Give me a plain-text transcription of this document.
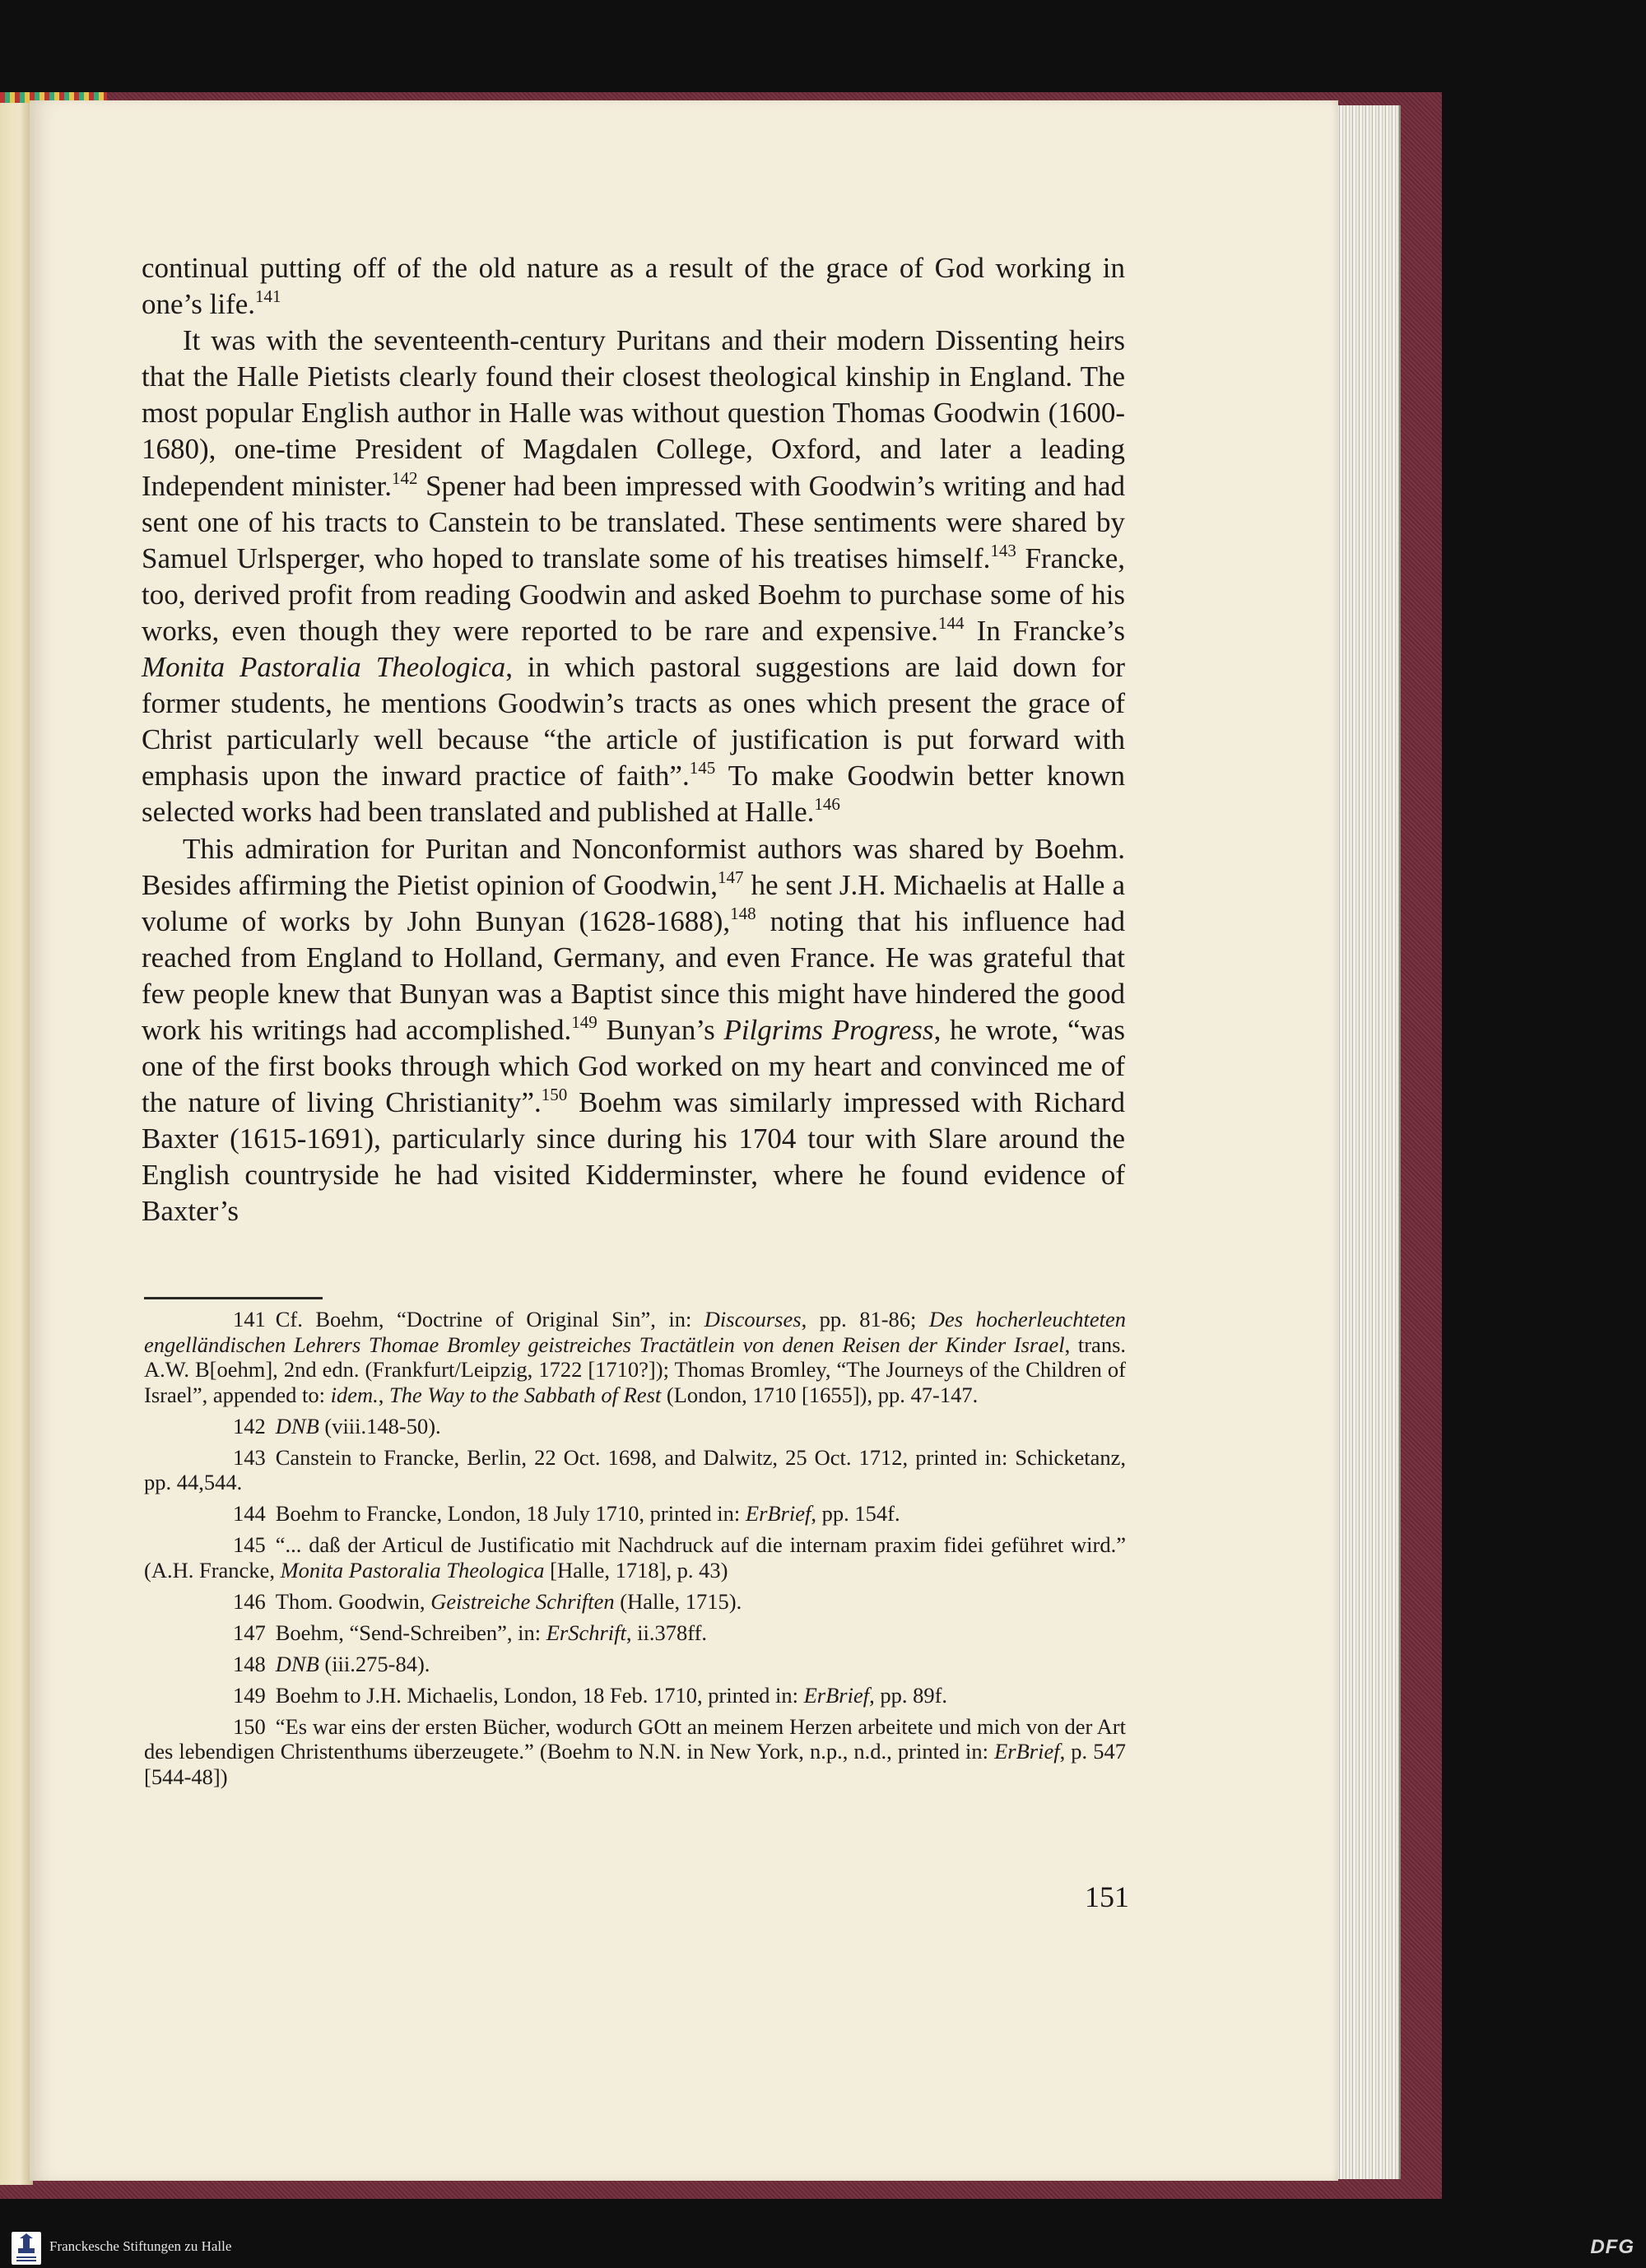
continual putting off of the old nature as a result of the grace of God working in one’s life.$^{141}$

It was with the seventeenth-century Puritans and their modern Dissenting heirs that the Halle Pietists clearly found their closest theological kinship in England. The most popular English author in Halle was without question Thomas Goodwin (1600-1680), one-time President of Magdalen College, Oxford, and later a leading Independent minister.$^{142}$ Spener had been impressed with Goodwin’s writing and had sent one of his tracts to Canstein to be translated. These sentiments were shared by Samuel Urlsperger, who hoped to translate some of his treatises himself.$^{143}$ Francke, too, derived profit from reading Goodwin and asked Boehm to purchase some of his works, even though they were reported to be rare and expensive.$^{144}$ In Francke’s Monita Pastoralia Theologica, in which pastoral suggestions are laid down for former students, he mentions Goodwin’s tracts as ones which present the grace of Christ particularly well because “the article of justification is put forward with emphasis upon the inward practice of faith”.$^{145}$ To make Goodwin better known selected works had been translated and published at Halle.$^{146}$

This admiration for Puritan and Nonconformist authors was shared by Boehm. Besides affirming the Pietist opinion of Goodwin,$^{147}$ he sent J.H. Michaelis at Halle a volume of works by John Bunyan (1628-1688),$^{148}$ noting that his influence had reached from England to Holland, Germany, and even France. He was grateful that few people knew that Bunyan was a Baptist since this might have hindered the good work his writings had accomplished.$^{149}$ Bunyan’s Pilgrims Progress, he wrote, “was one of the first books through which God worked on my heart and convinced me of the nature of living Christianity”.$^{150}$ Boehm was similarly impressed with Richard Baxter (1615-1691), particularly since during his 1704 tour with Slare around the English countryside he had visited Kidderminster, where he found evidence of Baxter’s

141 Cf. Boehm, “Doctrine of Original Sin”, in: Discourses, pp. 81-86; Des hocherleuchteten engelländischen Lehrers Thomae Bromley geistreiches Tractätlein von denen Reisen der Kinder Israel, trans. A.W. B[oehm], 2nd edn. (Frankfurt/Leipzig, 1722 [1710?]); Thomas Bromley, “The Journeys of the Children of Israel”, appended to: idem., The Way to the Sabbath of Rest (London, 1710 [1655]), pp. 47-147.
142 DNB (viii.148-50).
143 Canstein to Francke, Berlin, 22 Oct. 1698, and Dalwitz, 25 Oct. 1712, printed in: Schicketanz, pp. 44,544.
144 Boehm to Francke, London, 18 July 1710, printed in: ErBrief, pp. 154f.
145 “... daß der Articul de Justificatio mit Nachdruck auf die internam praxim fidei geführet wird.” (A.H. Francke, Monita Pastoralia Theologica [Halle, 1718], p. 43)
146 Thom. Goodwin, Geistreiche Schriften (Halle, 1715).
147 Boehm, “Send-Schreiben”, in: ErSchrift, ii.378ff.
148 DNB (iii.275-84).
149 Boehm to J.H. Michaelis, London, 18 Feb. 1710, printed in: ErBrief, pp. 89f.
150 “Es war eins der ersten Bücher, wodurch GOtt an meinem Herzen arbeitete und mich von der Art des lebendigen Christenthums überzeugete.” (Boehm to N.N. in New York, n.p., n.d., printed in: ErBrief, p. 547 [544-48])
151
Franckesche Stiftungen zu Halle	DFG
